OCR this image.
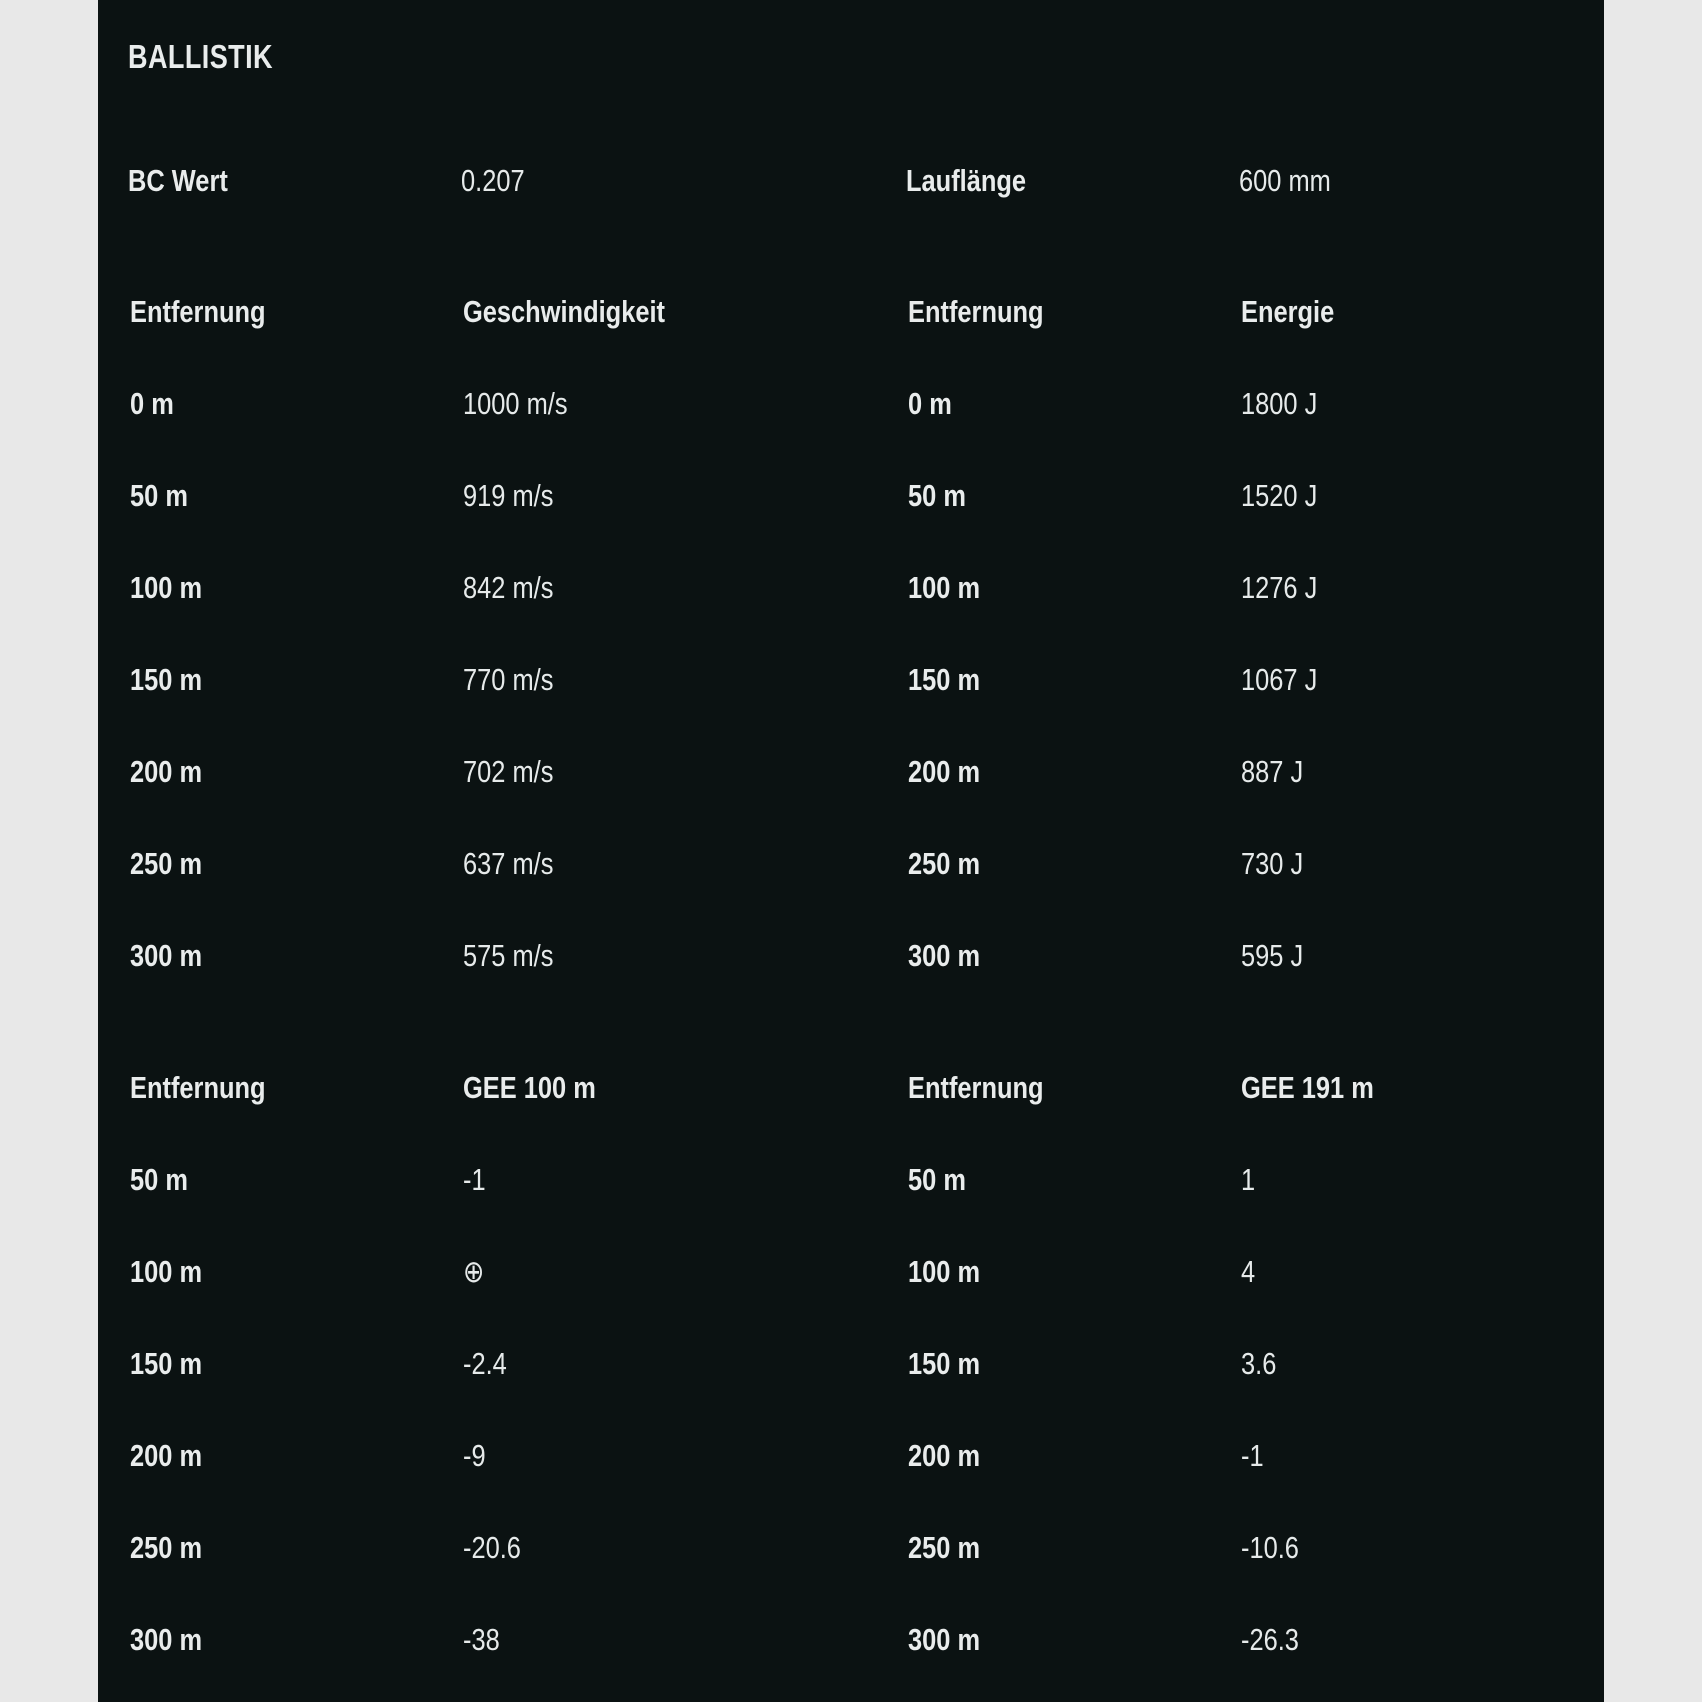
BALLISTIK
BC Wert	0.207	Lauflänge	600 mm
Entfernung	Geschwindigkeit	Entfernung	Energie
0 m	1000 m/s	0 m	1800 J
50 m	919 m/s	50 m	1520 J
100 m	842 m/s	100 m	1276 J
150 m	770 m/s	150 m	1067 J
200 m	702 m/s	200 m	887 J
250 m	637 m/s	250 m	730 J
300 m	575 m/s	300 m	595 J
Entfernung	GEE 100 m	Entfernung	GEE 191 m
50 m	-1	50 m	1
100 m	⊕	100 m	4
150 m	-2.4	150 m	3.6
200 m	-9	200 m	-1
250 m	-20.6	250 m	-10.6
300 m	-38	300 m	-26.3
